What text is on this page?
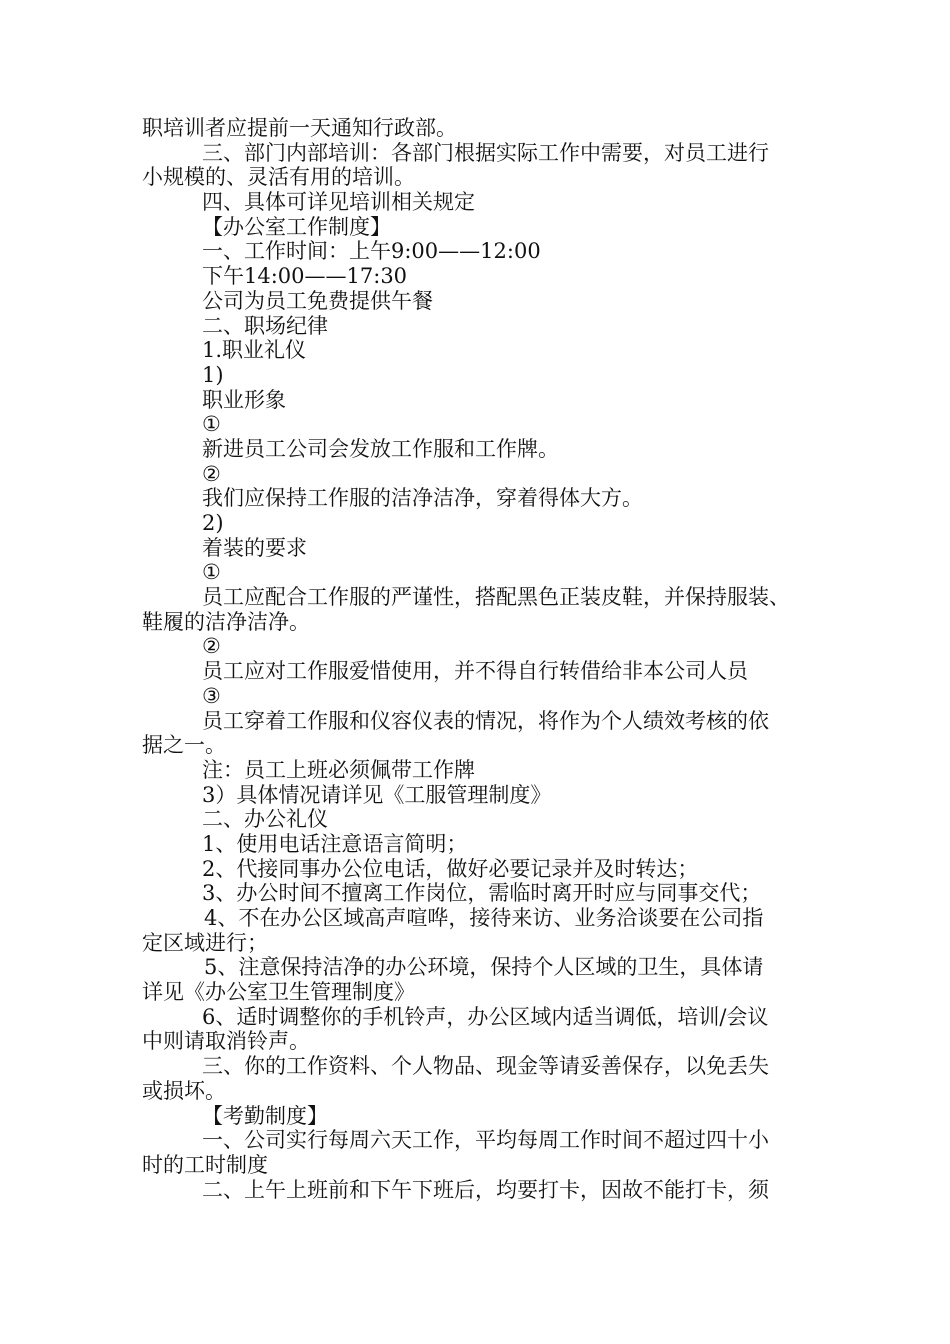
职培训者应提前一天通知行政部。
三、部门内部培训：各部门根据实际工作中需要，对员工进行
小规模的、灵活有用的培训。
四、具体可详见培训相关规定
【办公室工作制度】
一、工作时间：上午9:00——12:00
下午14:00——17:30
公司为员工免费提供午餐
二、职场纪律
1.职业礼仪
1)
职业形象
①
新进员工公司会发放工作服和工作牌。
②
我们应保持工作服的洁净洁净，穿着得体大方。
2)
着装的要求
①
员工应配合工作服的严谨性，搭配黑色正装皮鞋，并保持服装、
鞋履的洁净洁净。
②
员工应对工作服爱惜使用，并不得自行转借给非本公司人员
③
员工穿着工作服和仪容仪表的情况，将作为个人绩效考核的依
据之一。
注：员工上班必须佩带工作牌
3）具体情况请详见《工服管理制度》
二、办公礼仪
1、使用电话注意语言简明；
2、代接同事办公位电话，做好必要记录并及时转达；
3、办公时间不擅离工作岗位，需临时离开时应与同事交代；
4、不在办公区域高声喧哗，接待来访、业务洽谈要在公司指
定区域进行；
5、注意保持洁净的办公环境，保持个人区域的卫生，具体请
详见《办公室卫生管理制度》
6、适时调整你的手机铃声，办公区域内适当调低，培训/会议
中则请取消铃声。
三、你的工作资料、个人物品、现金等请妥善保存，以免丢失
或损坏。
【考勤制度】
一、公司实行每周六天工作，平均每周工作时间不超过四十小
时的工时制度
二、上午上班前和下午下班后，均要打卡，因故不能打卡，须
